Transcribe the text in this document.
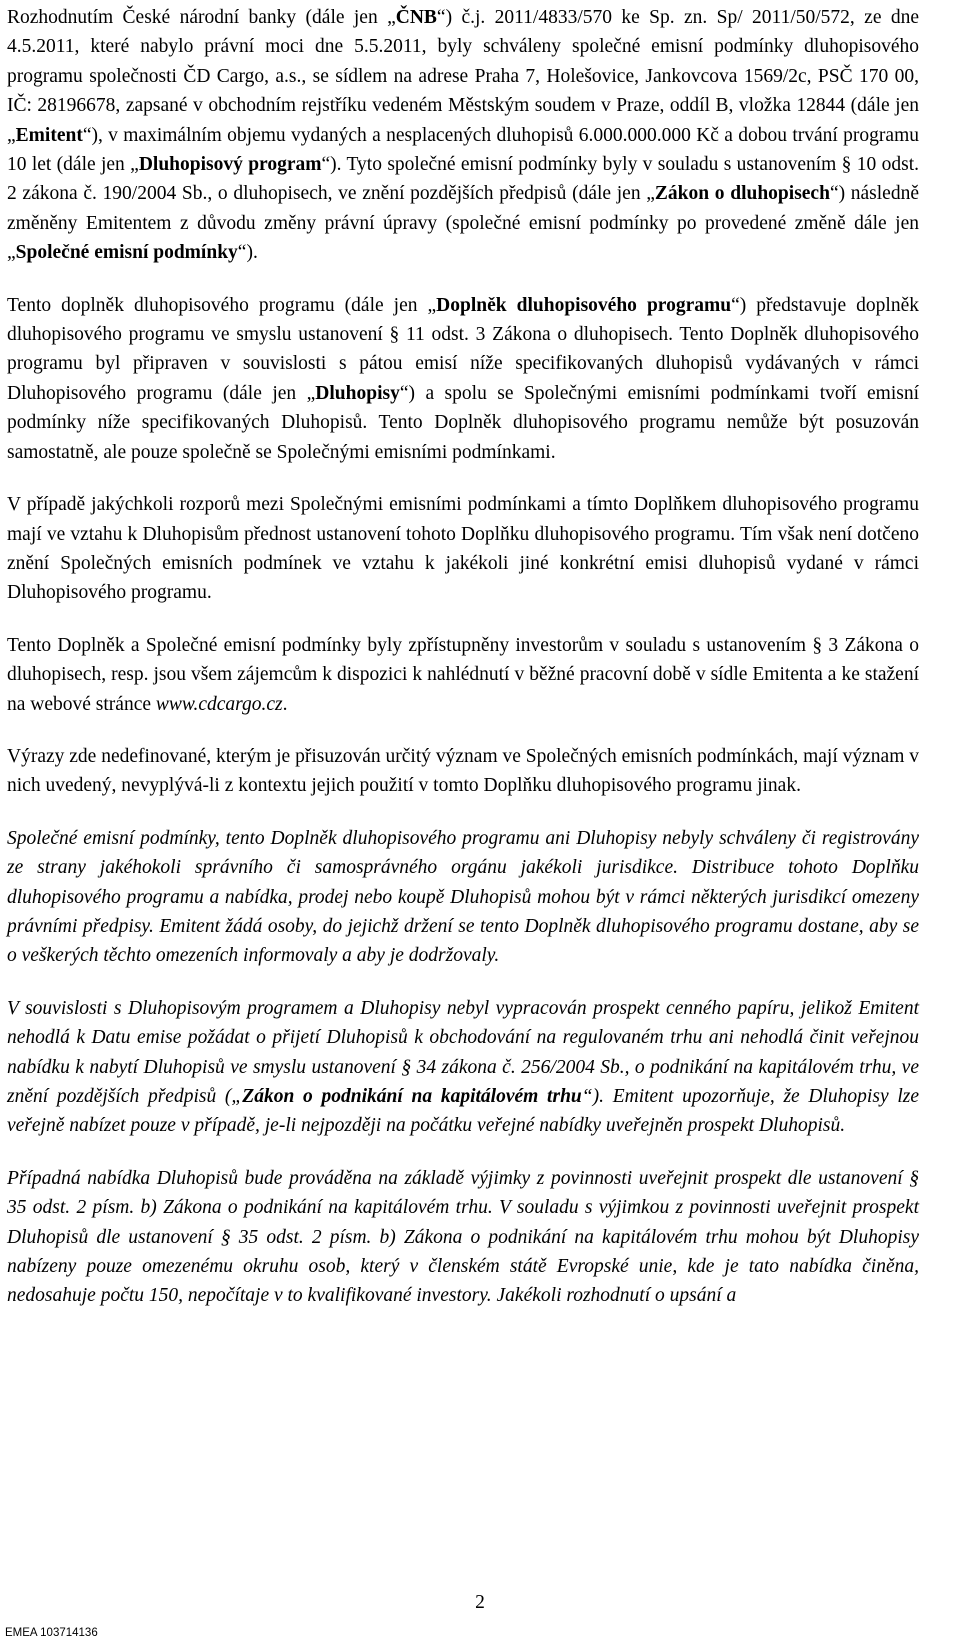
Rozhodnutím České národní banky (dále jen „ČNB“) č.j. 2011/4833/570 ke Sp. zn. Sp/ 2011/50/572, ze dne 4.5.2011, které nabylo právní moci dne 5.5.2011, byly schváleny společné emisní podmínky dluhopisového programu společnosti ČD Cargo, a.s., se sídlem na adrese Praha 7, Holešovice, Jankovcova 1569/2c, PSČ 170 00, IČ: 28196678, zapsané v obchodním rejstříku vedeném Městským soudem v Praze, oddíl B, vložka 12844 (dále jen „Emitent“), v maximálním objemu vydaných a nesplacených dluhopisů 6.000.000.000 Kč a dobou trvání programu 10 let (dále jen „Dluhopisový program“). Tyto společné emisní podmínky byly v souladu s ustanovením § 10 odst. 2 zákona č. 190/2004 Sb., o dluhopisech, ve znění pozdějších předpisů (dále jen „Zákon o dluhopisech“) následně změněny Emitentem z důvodu změny právní úpravy (společné emisní podmínky po provedené změně dále jen „Společné emisní podmínky“).

Tento doplněk dluhopisového programu (dále jen „Doplněk dluhopisového programu“) představuje doplněk dluhopisového programu ve smyslu ustanovení § 11 odst. 3 Zákona o dluhopisech. Tento Doplněk dluhopisového programu byl připraven v souvislosti s pátou emisí níže specifikovaných dluhopisů vydávaných v rámci Dluhopisového programu (dále jen „Dluhopisy“) a spolu se Společnými emisními podmínkami tvoří emisní podmínky níže specifikovaných Dluhopisů. Tento Doplněk dluhopisového programu nemůže být posuzován samostatně, ale pouze společně se Společnými emisními podmínkami.

V případě jakýchkoli rozporů mezi Společnými emisními podmínkami a tímto Doplňkem dluhopisového programu mají ve vztahu k Dluhopisům přednost ustanovení tohoto Doplňku dluhopisového programu. Tím však není dotčeno znění Společných emisních podmínek ve vztahu k jakékoli jiné konkrétní emisi dluhopisů vydané v rámci Dluhopisového programu.

Tento Doplněk a Společné emisní podmínky byly zpřístupněny investorům v souladu s ustanovením § 3 Zákona o dluhopisech, resp. jsou všem zájemcům k dispozici k nahlédnutí v běžné pracovní době v sídle Emitenta a ke stažení na webové stránce www.cdcargo.cz.

Výrazy zde nedefinované, kterým je přisuzován určitý význam ve Společných emisních podmínkách, mají význam v nich uvedený, nevyplývá-li z kontextu jejich použití v tomto Doplňku dluhopisového programu jinak.

Společné emisní podmínky, tento Doplněk dluhopisového programu ani Dluhopisy nebyly schváleny či registrovány ze strany jakéhokoli správního či samosprávného orgánu jakékoli jurisdikce. Distribuce tohoto Doplňku dluhopisového programu a nabídka, prodej nebo koupě Dluhopisů mohou být v rámci některých jurisdikcí omezeny právními předpisy. Emitent žádá osoby, do jejichž držení se tento Doplněk dluhopisového programu dostane, aby se o veškerých těchto omezeních informovaly a aby je dodržovaly.

V souvislosti s Dluhopisovým programem a Dluhopisy nebyl vypracován prospekt cenného papíru, jelikož Emitent nehodlá k Datu emise požádat o přijetí Dluhopisů k obchodování na regulovaném trhu ani nehodlá činit veřejnou nabídku k nabytí Dluhopisů ve smyslu ustanovení § 34 zákona č. 256/2004 Sb., o podnikání na kapitálovém trhu, ve znění pozdějších předpisů („Zákon o podnikání na kapitálovém trhu“). Emitent upozorňuje, že Dluhopisy lze veřejně nabízet pouze v případě, je-li nejpozději na počátku veřejné nabídky uveřejněn prospekt Dluhopisů.

Případná nabídka Dluhopisů bude prováděna na základě výjimky z povinnosti uveřejnit prospekt dle ustanovení § 35 odst. 2 písm. b) Zákona o podnikání na kapitálovém trhu. V souladu s výjimkou z povinnosti uveřejnit prospekt Dluhopisů dle ustanovení § 35 odst. 2 písm. b) Zákona o podnikání na kapitálovém trhu mohou být Dluhopisy nabízeny pouze omezenému okruhu osob, který v členském státě Evropské unie, kde je tato nabídka činěna, nedosahuje počtu 150, nepočítaje v to kvalifikované investory. Jakékoli rozhodnutí o upsání a

2
EMEA 103714136
